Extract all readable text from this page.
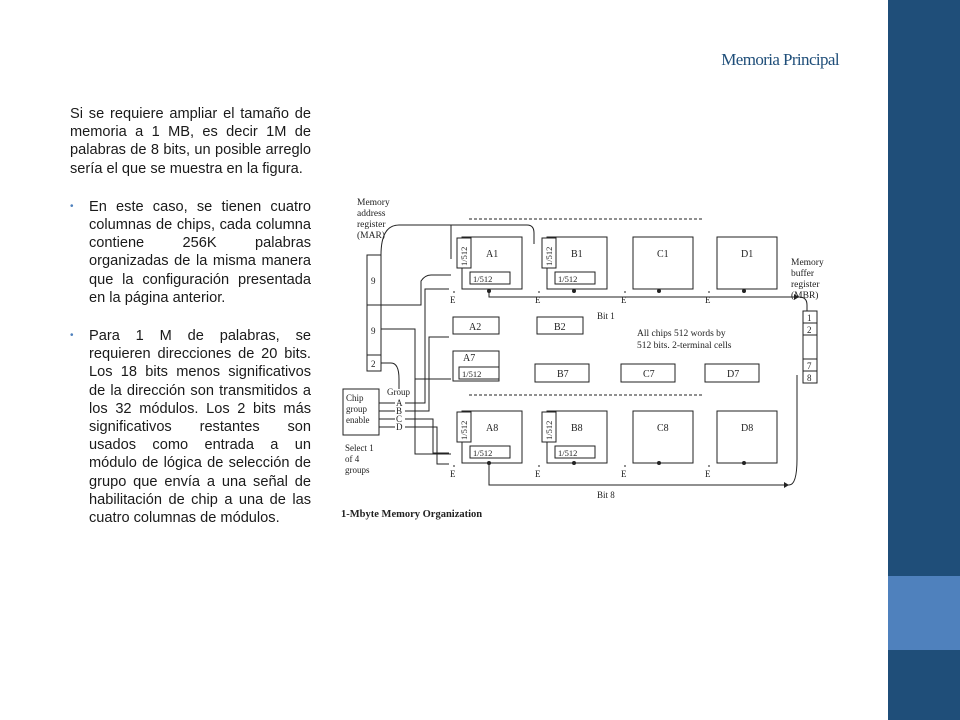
Memoria Principal

Si se requiere ampliar el tamaño de memoria a 1 MB, es decir 1M de palabras de 8 bits, un posible arreglo sería el que se muestra en la figura.

• En este caso, se tienen cuatro columnas de chips, cada columna contiene 256K palabras organizadas de la misma manera que la configuración presentada en la página anterior.

• Para 1 M de palabras, se requieren direcciones de 20 bits. Los 18 bits menos significativos de la dirección son transmitidos a los 32 módulos. Los 2 bits más significativos restantes son usados como entrada a un módulo de lógica de selección de grupo que envía a una señal de habilitación de chip a una de las cuatro columnas de módulos.

Memory
address
register
(MAR)
9
9
2
Chip
group
enable
Group
A
B
C
D
Select 1
of 4
groups
A1
1/512
1/512
E
B1
1/512
1/512
E
C1
E
D1
E
A8
1/512
1/512
E
B8
1/512
1/512
E
C8
E
D8
E
A2	B2
A7
1/512	B7	C7	D7
Bit 1
Bit 8
Memory
buffer
register
(MBR)
1
2
7
8
All chips 512 words by
512 bits. 2-terminal cells
1-Mbyte Memory Organization
